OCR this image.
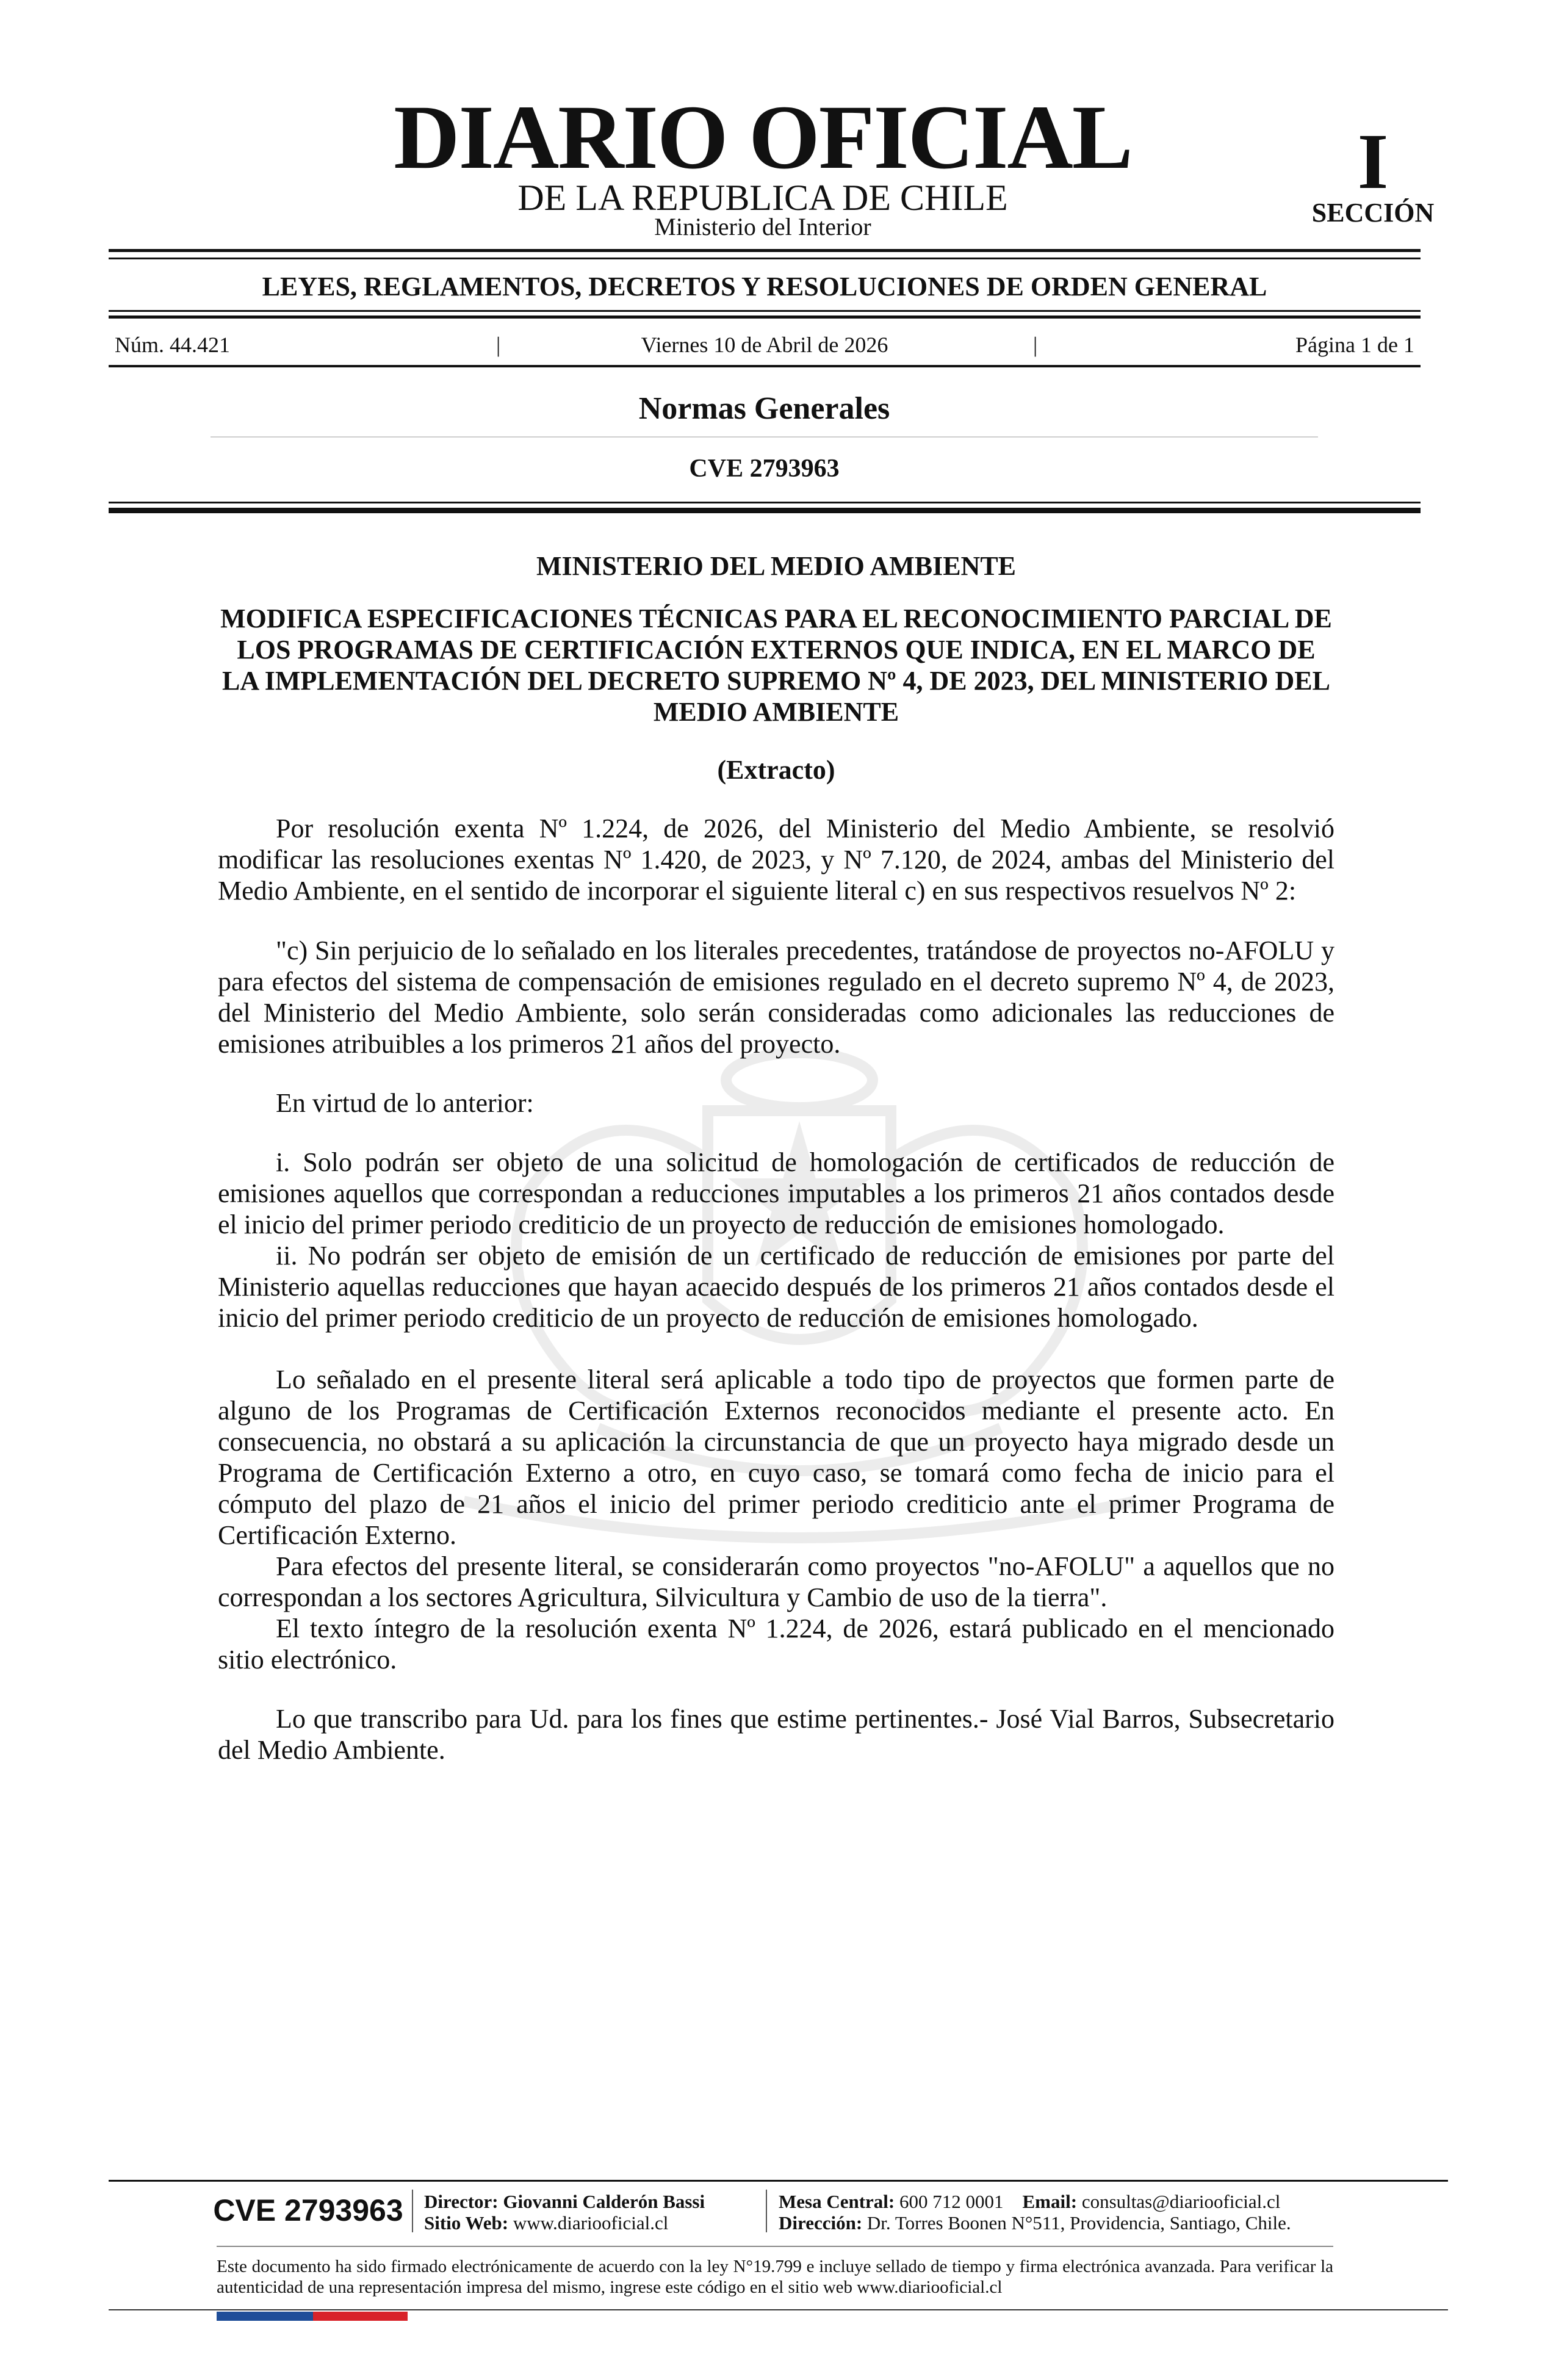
DIARIO OFICIAL
DE LA REPUBLICA DE CHILE
Ministerio del Interior
I
SECCIÓN
LEYES, REGLAMENTOS, DECRETOS Y RESOLUCIONES DE ORDEN GENERAL
Núm. 44.421	|	Viernes 10 de Abril de 2026	|	Página 1 de 1
Normas Generales
CVE 2793963

MINISTERIO DEL MEDIO AMBIENTE

MODIFICA ESPECIFICACIONES TÉCNICAS PARA EL RECONOCIMIENTO PARCIAL DE LOS PROGRAMAS DE CERTIFICACIÓN EXTERNOS QUE INDICA, EN EL MARCO DE LA IMPLEMENTACIÓN DEL DECRETO SUPREMO Nº 4, DE 2023, DEL MINISTERIO DEL MEDIO AMBIENTE

(Extracto)

Por resolución exenta Nº 1.224, de 2026, del Ministerio del Medio Ambiente, se resolvió modificar las resoluciones exentas Nº 1.420, de 2023, y Nº 7.120, de 2024, ambas del Ministerio del Medio Ambiente, en el sentido de incorporar el siguiente literal c) en sus respectivos resuelvos Nº 2:

"c) Sin perjuicio de lo señalado en los literales precedentes, tratándose de proyectos no-AFOLU y para efectos del sistema de compensación de emisiones regulado en el decreto supremo Nº 4, de 2023, del Ministerio del Medio Ambiente, solo serán consideradas como adicionales las reducciones de emisiones atribuibles a los primeros 21 años del proyecto.

En virtud de lo anterior:

i. Solo podrán ser objeto de una solicitud de homologación de certificados de reducción de emisiones aquellos que correspondan a reducciones imputables a los primeros 21 años contados desde el inicio del primer periodo crediticio de un proyecto de reducción de emisiones homologado.

ii. No podrán ser objeto de emisión de un certificado de reducción de emisiones por parte del Ministerio aquellas reducciones que hayan acaecido después de los primeros 21 años contados desde el inicio del primer periodo crediticio de un proyecto de reducción de emisiones homologado.

Lo señalado en el presente literal será aplicable a todo tipo de proyectos que formen parte de alguno de los Programas de Certificación Externos reconocidos mediante el presente acto. En consecuencia, no obstará a su aplicación la circunstancia de que un proyecto haya migrado desde un Programa de Certificación Externo a otro, en cuyo caso, se tomará como fecha de inicio para el cómputo del plazo de 21 años el inicio del primer periodo crediticio ante el primer Programa de Certificación Externo.

Para efectos del presente literal, se considerarán como proyectos "no-AFOLU" a aquellos que no correspondan a los sectores Agricultura, Silvicultura y Cambio de uso de la tierra".

El texto íntegro de la resolución exenta Nº 1.224, de 2026, estará publicado en el mencionado sitio electrónico.

Lo que transcribo para Ud. para los fines que estime pertinentes.- José Vial Barros, Subsecretario del Medio Ambiente.

CVE 2793963	Director: Giovanni Calderón Bassi
Sitio Web: www.diariooficial.cl
Mesa Central: 600 712 0001 Email: consultas@diariooficial.cl
Dirección: Dr. Torres Boonen N°511, Providencia, Santiago, Chile.
Este documento ha sido firmado electrónicamente de acuerdo con la ley N°19.799 e incluye sellado de tiempo y firma electrónica avanzada. Para verificar la autenticidad de una representación impresa del mismo, ingrese este código en el sitio web www.diariooficial.cl
